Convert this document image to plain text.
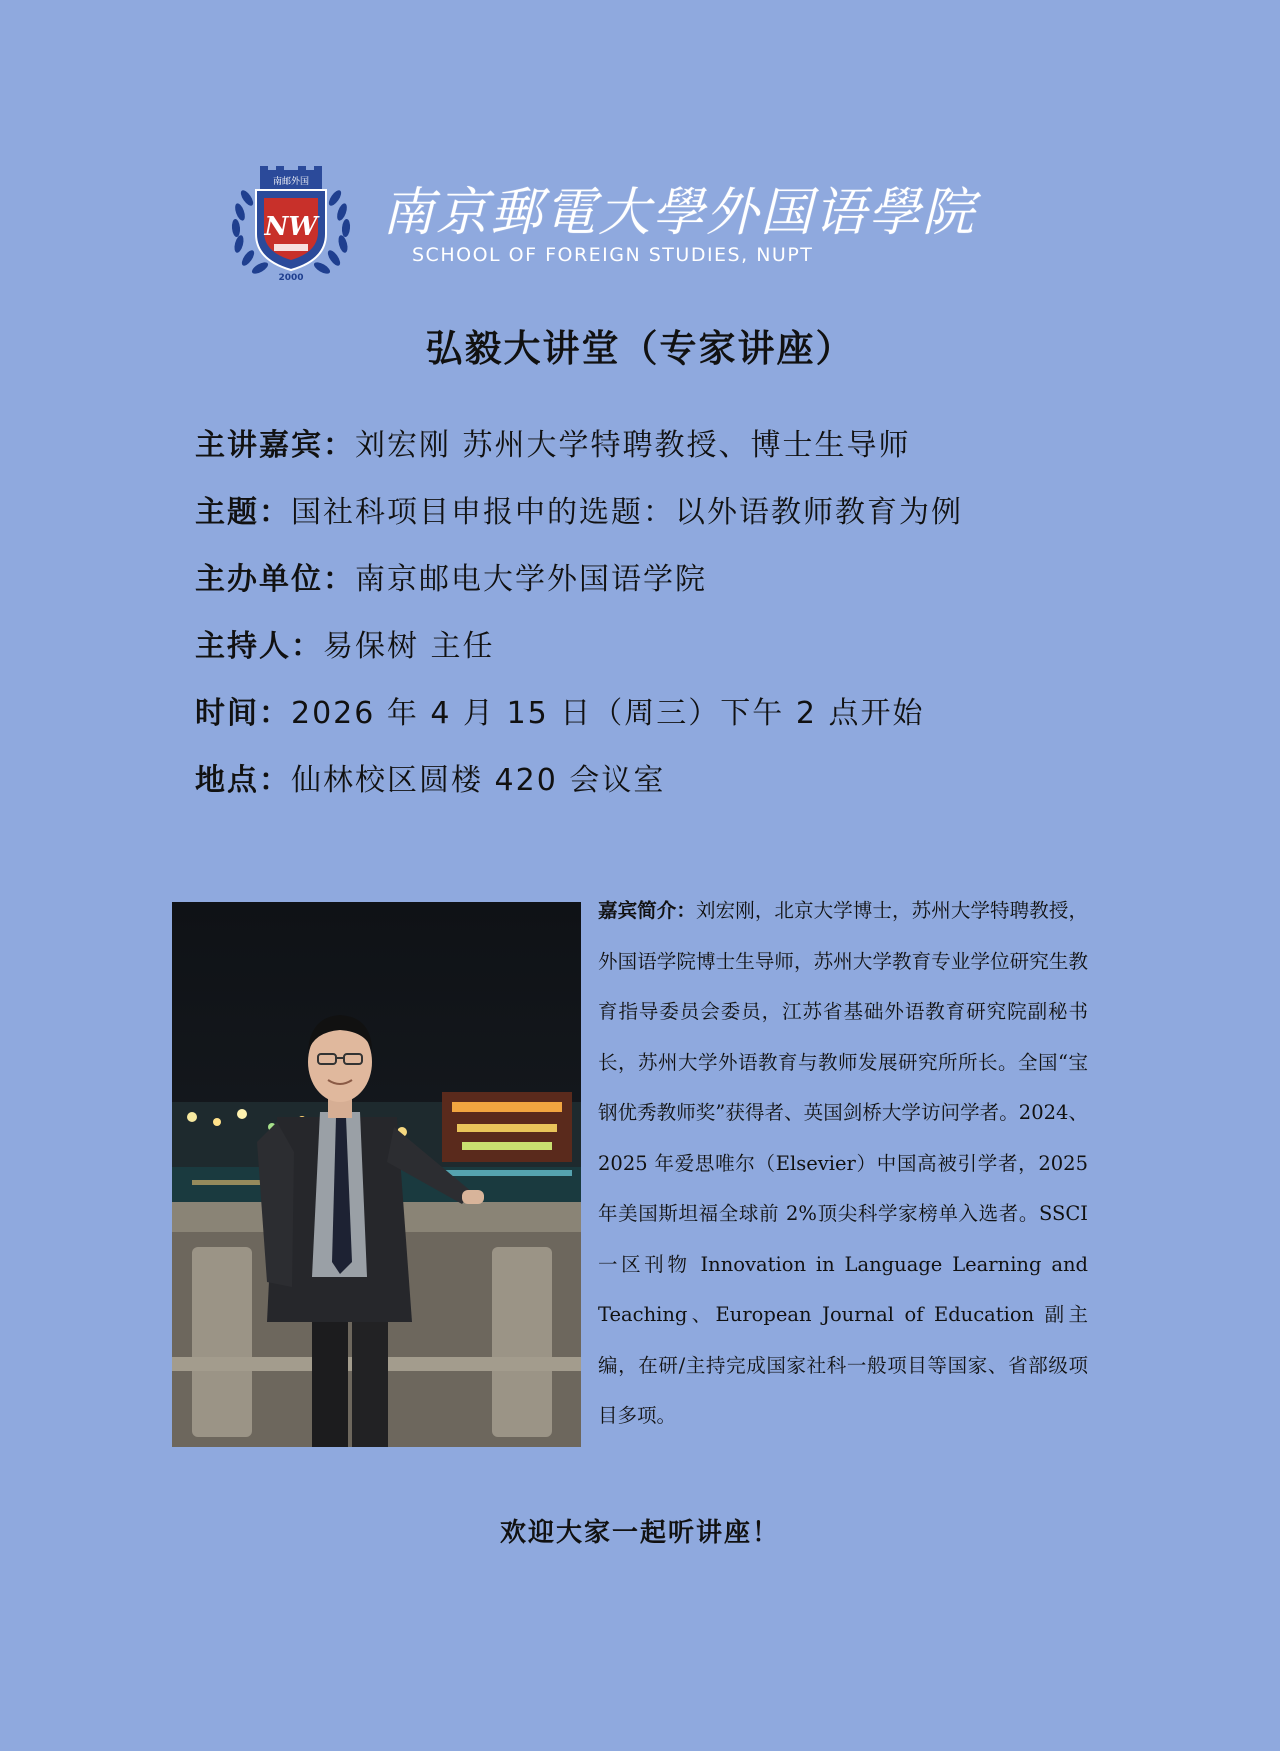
NW
南邮外国
2000
南京郵電大學外国语學院
SCHOOL OF FOREIGN STUDIES, NUPT
弘毅大讲堂（专家讲座）
主讲嘉宾：刘宏刚 苏州大学特聘教授、博士生导师
主题：国社科项目申报中的选题：以外语教师教育为例
主办单位：南京邮电大学外国语学院
主持人：易保树 主任
时间：2026 年 4 月 15 日（周三）下午 2 点开始
地点：仙林校区圆楼 420 会议室
嘉宾简介：刘宏刚，北京大学博士，苏州大学特聘教授，外国语学院博士生导师，苏州大学教育专业学位研究生教育指导委员会委员，江苏省基础外语教育研究院副秘书长，苏州大学外语教育与教师发展研究所所长。全国“宝钢优秀教师奖”获得者、英国剑桥大学访问学者。2024、2025 年爱思唯尔（Elsevier）中国高被引学者，2025 年美国斯坦福全球前 2%顶尖科学家榜单入选者。SSCI 一区刊物 Innovation in Language Learning and Teaching、European Journal of Education 副主编，在研/主持完成国家社科一般项目等国家、省部级项目多项。
欢迎大家一起听讲座！
